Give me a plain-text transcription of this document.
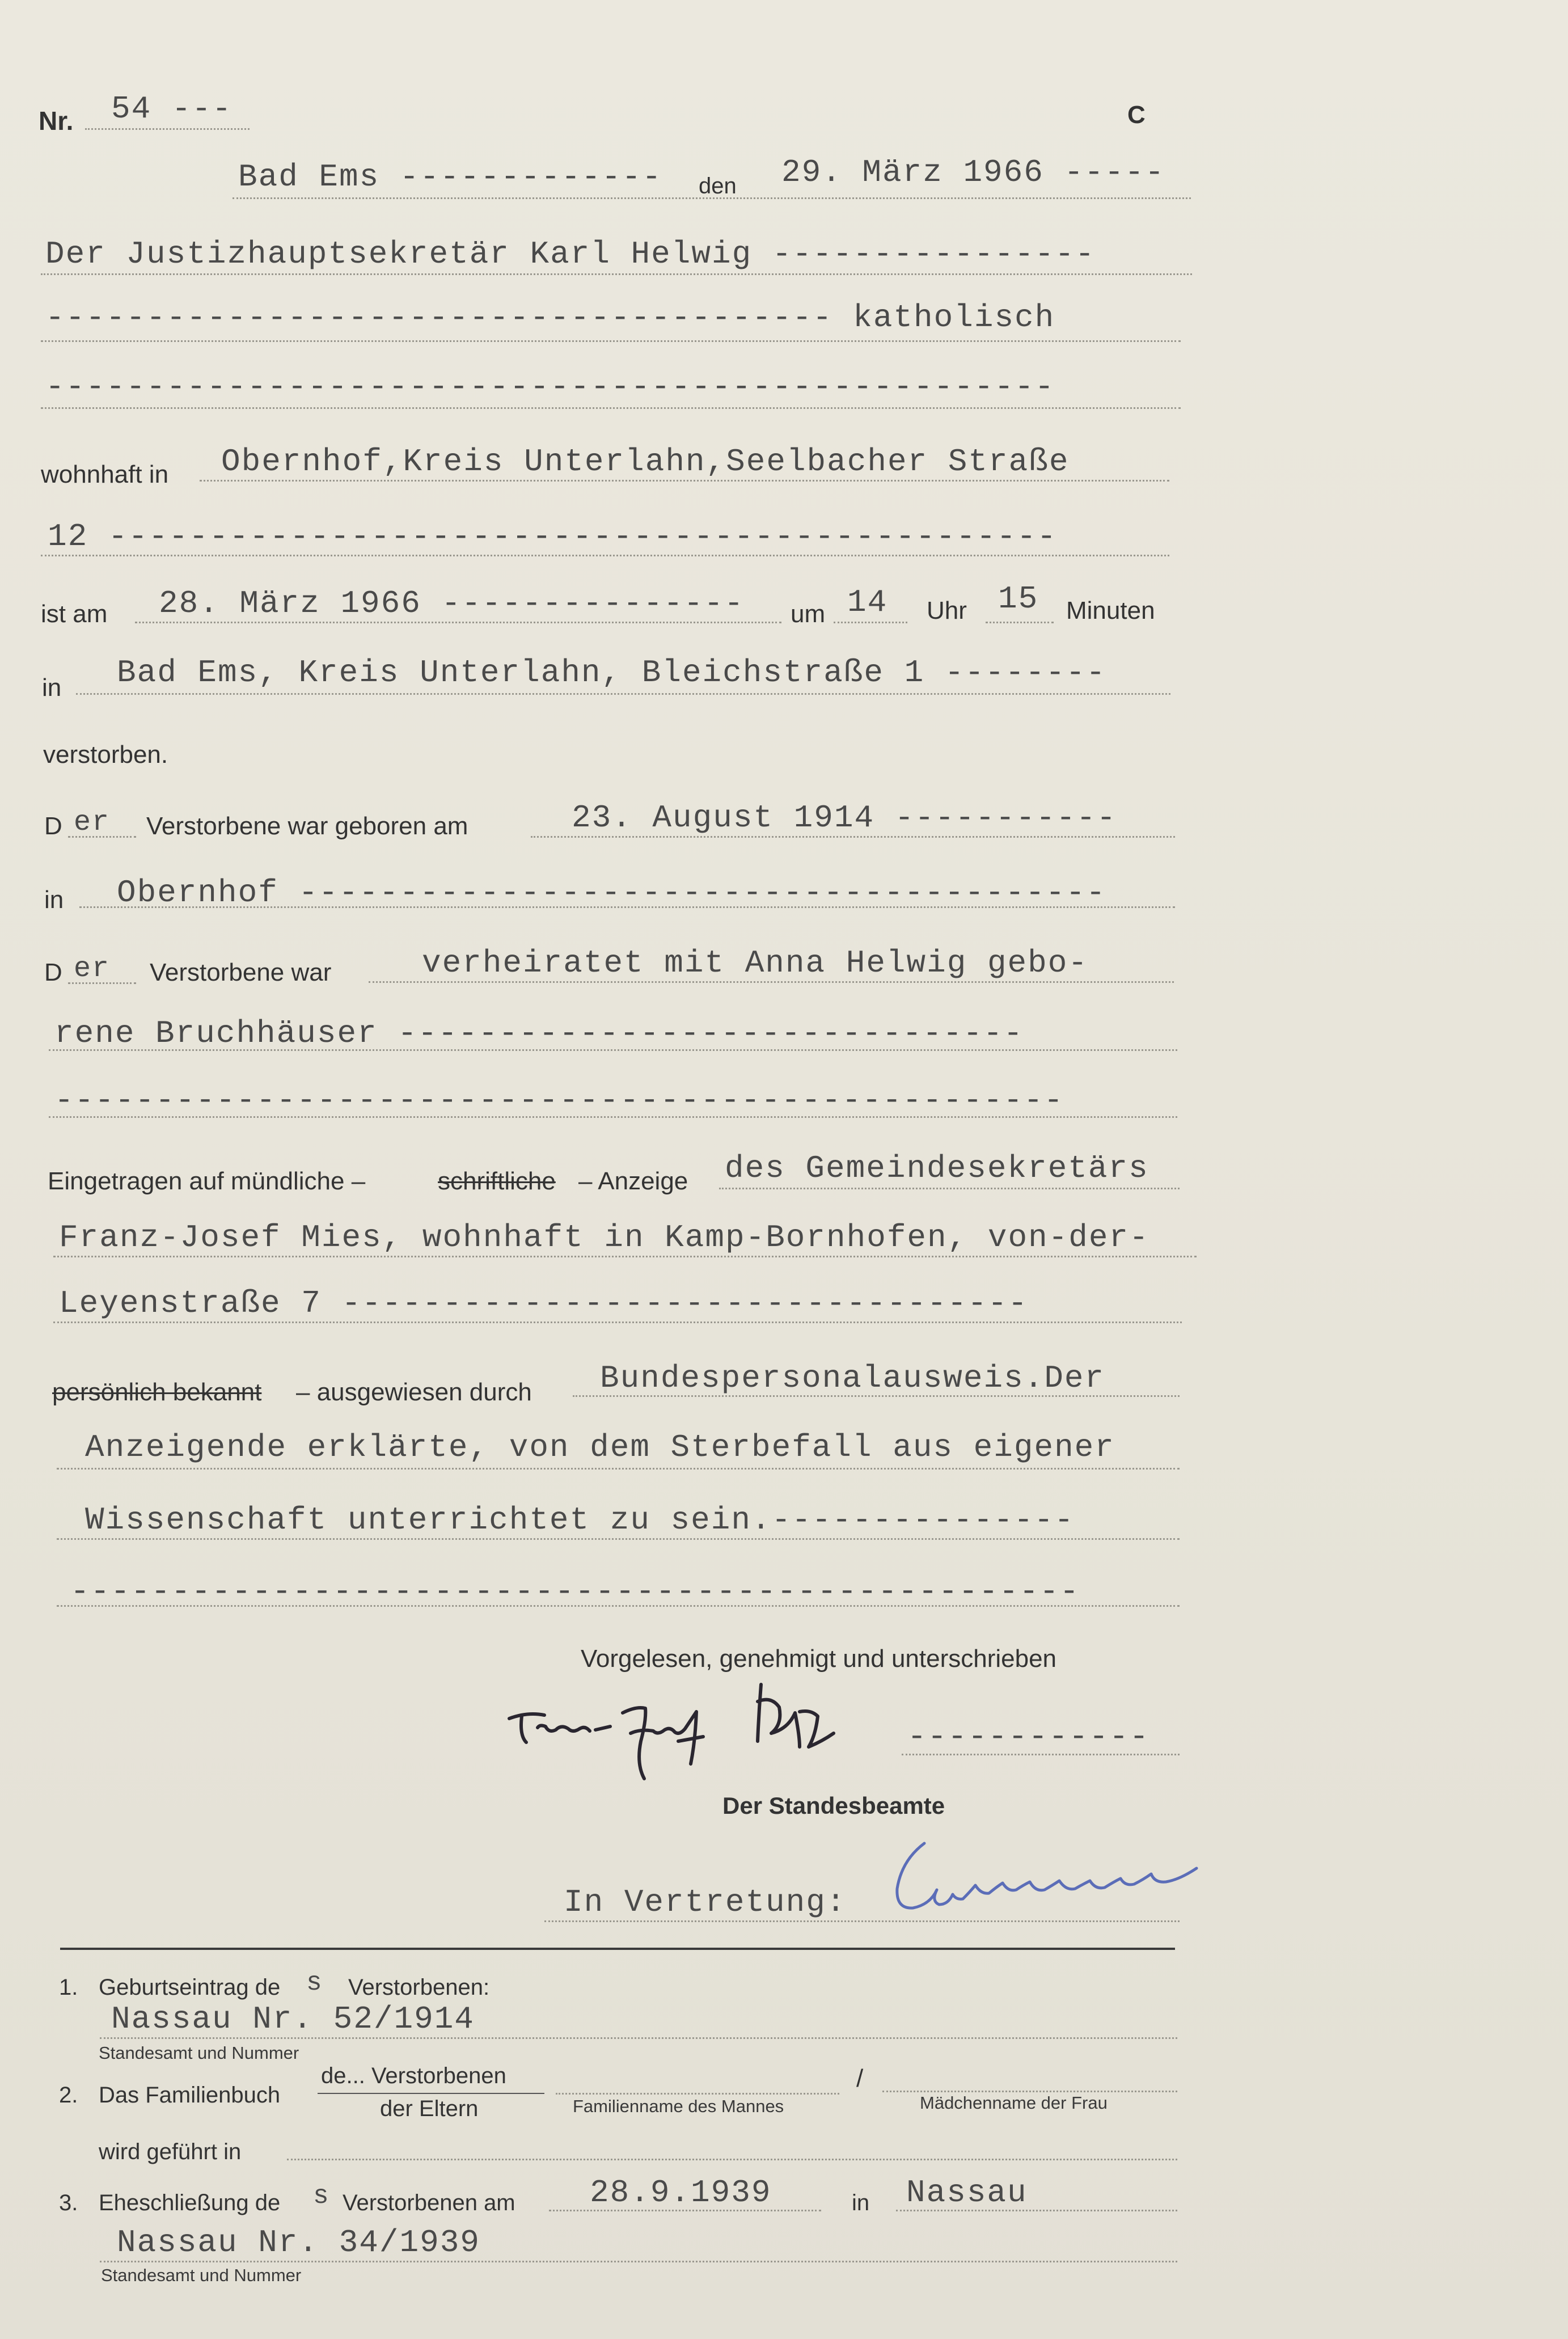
Nr. 54 ---	C
Bad Ems ------------- den 29. März 1966 -----
Der Justizhauptsekretär Karl Helwig ----------------
--------------------------------------- katholisch
--------------------------------------------------
wohnhaft in Obernhof,Kreis Unterlahn,Seelbacher Straße
12 -----------------------------------------------
ist am 28. März 1966 --------------- um 14 Uhr 15 Minuten
in Bad Ems, Kreis Unterlahn, Bleichstraße 1 --------
verstorben.
D er Verstorbene war geboren am	23. August 1914 -----------
in Obernhof ----------------------------------------
D er Verstorbene war	verheiratet mit Anna Helwig gebo-
rene Bruchhäuser -------------------------------
--------------------------------------------------
Eingetragen auf mündliche –	schriftliche – Anzeige des Gemeindesekretärs
Franz-Josef Mies, wohnhaft in Kamp-Bornhofen, von-der-
Leyenstraße 7 ----------------------------------
persönlich bekannt – ausgewiesen durch Bundespersonalausweis.Der
Anzeigende erklärte, von dem Sterbefall aus eigener
Wissenschaft unterrichtet zu sein.---------------
--------------------------------------------------
Vorgelesen, genehmigt und unterschrieben
------------
Der Standesbeamte
In Vertretung:
1. Geburtseintrag de s Verstorbenen:
Nassau Nr. 52/1914
Standesamt und Nummer
2. Das Familienbuch
de... Verstorbenen
der Eltern	Familienname des Mannes
/
Mädchenname der Frau
wird geführt in
3. Eheschließung de s Verstorbenen am 28.9.1939	in Nassau
Nassau Nr. 34/1939
Standesamt und Nummer
